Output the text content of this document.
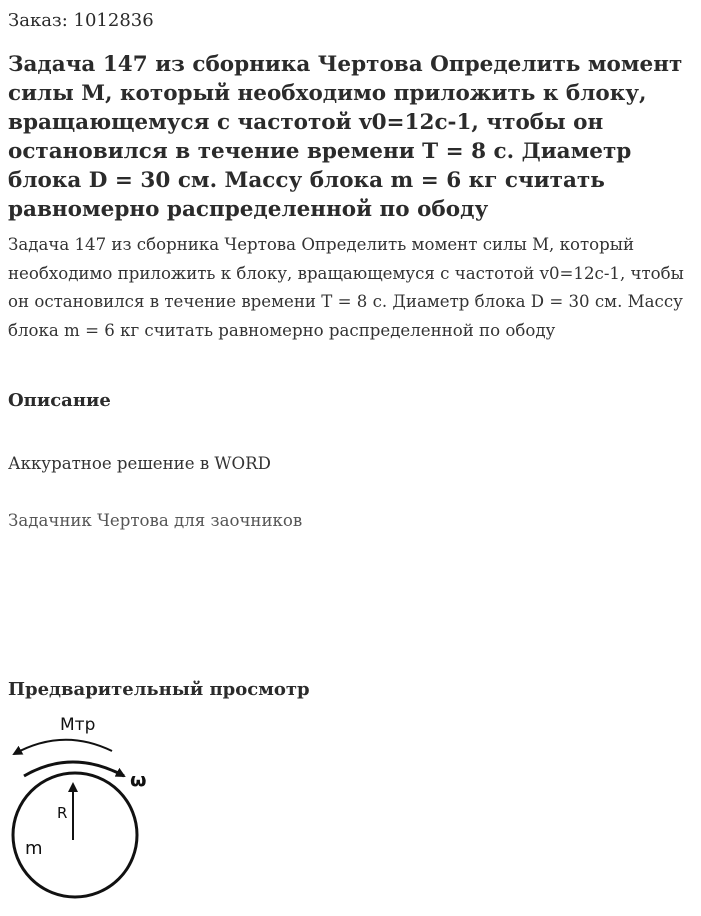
Заказ: 1012836
Задача 147 из сборника Чертова Определить момент силы М, который необходимо приложить к блоку, вращающемуся с частотой v0=12c-1, чтобы он остановился в течение времени Т = 8 с. Диаметр блока D = 30 см. Массу блока m = 6 кг считать равномерно распределенной по ободу

Задача 147 из сборника Чертова Определить момент силы М, который необходимо приложить к блоку, вращающемуся с частотой v0=12c-1, чтобы он остановился в течение времени Т = 8 с. Диаметр блока D = 30 см. Массу блока m = 6 кг считать равномерно распределенной по ободу

Описание

Аккуратное решение в WORD

Задачник Чертова для заочников

Предварительный просмотр
Мтр
ω
R
m
